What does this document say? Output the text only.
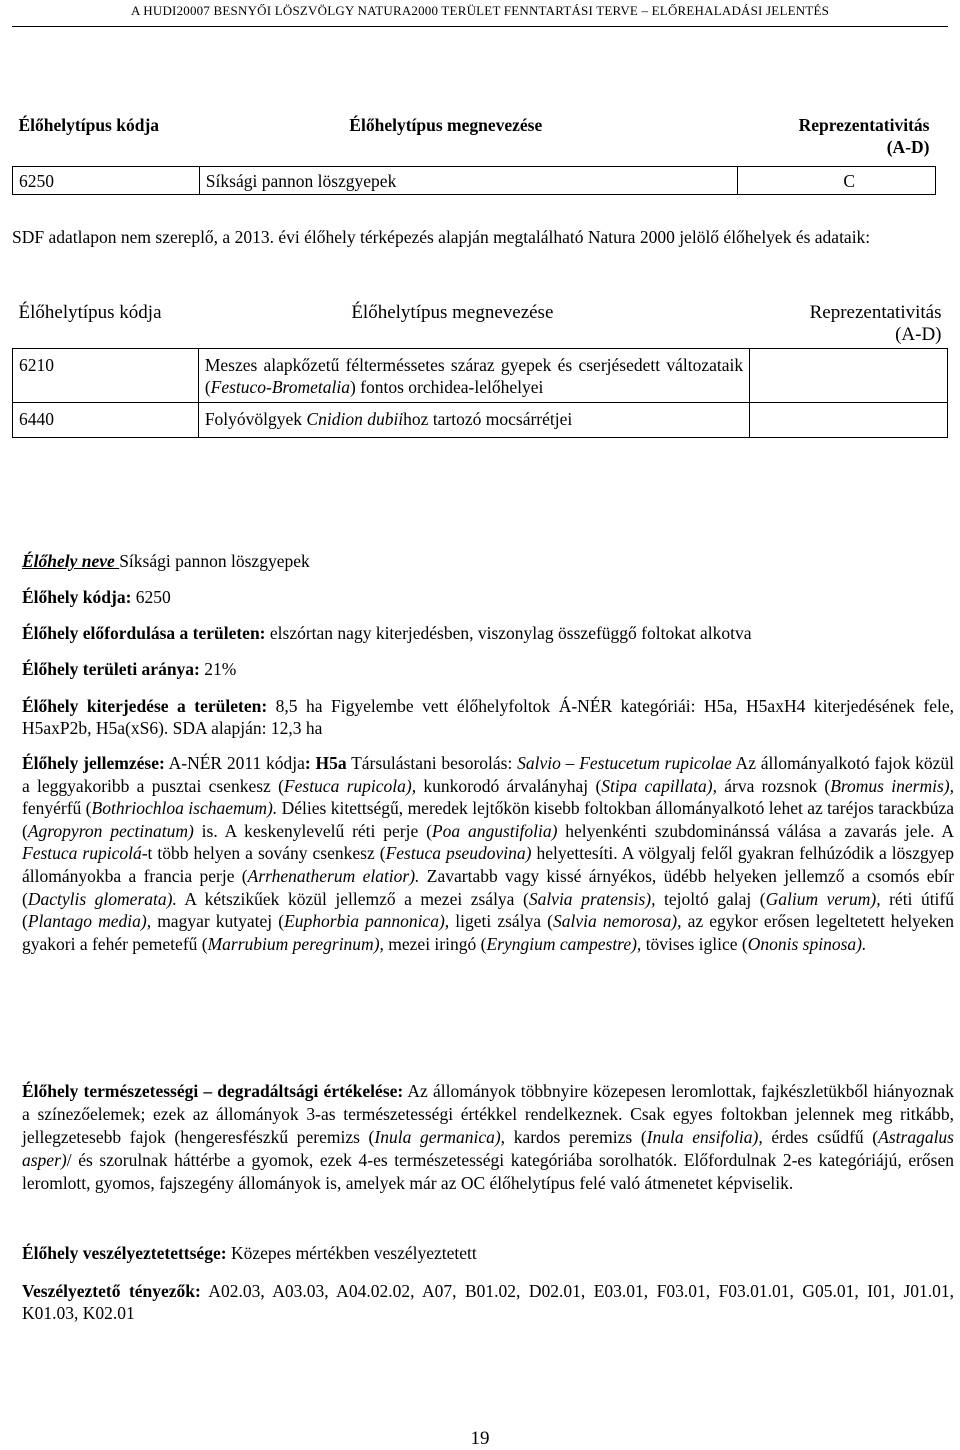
A HUDI20007 BESNYŐI LÖSZVÖLGY NATURA2000 TERÜLET FENNTARTÁSI TERVE – ELŐREHALADÁSI JELENTÉS
Élőhelytípus kódja	Élőhelytípus megnevezése	Reprezentativitás
(A-D)

6250	Síksági pannon löszgyepek	C
SDF adatlapon nem szereplő, a 2013. évi élőhely térképezés alapján megtalálható Natura 2000 jelölő élőhelyek és adataik:
Élőhelytípus kódja	Élőhelytípus megnevezése	Reprezentativitás
(A-D)

6210	Meszes alapkőzetű félterméssetes száraz gyepek és cserjésedett változataik (Festuco-Brometalia) fontos orchidea-lelőhelyei	
6440	Folyóvölgyek Cnidion dubiihoz tartozó mocsárrétjei	
Élőhely neve Síksági pannon löszgyepek
Élőhely kódja: 6250
Élőhely előfordulása a területen: elszórtan nagy kiterjedésben, viszonylag összefüggő foltokat alkotva
Élőhely területi aránya: 21%
Élőhely kiterjedése a területen: 8,5 ha Figyelembe vett élőhelyfoltok Á-NÉR kategóriái: H5a, H5axH4 kiterjedésének fele, H5axP2b, H5a(xS6). SDA alapján: 12,3 ha
Élőhely jellemzése: A-NÉR 2011 kódja: H5a Társulástani besorolás: Salvio – Festucetum rupicolae Az állományalkotó fajok közül a leggyakoribb a pusztai csenkesz (Festuca rupicola), kunkorodó árvalányhaj (Stipa capillata), árva rozsnok (Bromus inermis), fenyérfű (Bothriochloa ischaemum). Délies kitettségű, meredek lejtőkön kisebb foltokban állományalkotó lehet az taréjos tarackbúza (Agropyron pectinatum) is. A keskenylevelű réti perje (Poa angustifolia) helyenkénti szubdominánssá válása a zavarás jele. A Festuca rupicolá-t több helyen a sovány csenkesz (Festuca pseudovina) helyettesíti. A völgyalj felől gyakran felhúzódik a löszgyep állományokba a francia perje (Arrhenatherum elatior). Zavartabb vagy kissé árnyékos, üdébb helyeken jellemző a csomós ebír (Dactylis glomerata). A kétszikűek közül jellemző a mezei zsálya (Salvia pratensis), tejoltó galaj (Galium verum), réti útifű (Plantago media), magyar kutyatej (Euphorbia pannonica), ligeti zsálya (Salvia nemorosa), az egykor erősen legeltetett helyeken gyakori a fehér pemetefű (Marrubium peregrinum), mezei iringó (Eryngium campestre), tövises iglice (Ononis spinosa).
Élőhely természetességi – degradáltsági értékelése: Az állományok többnyire közepesen leromlottak, fajkészletükből hiányoznak a színezőelemek; ezek az állományok 3-as természetességi értékkel rendelkeznek. Csak egyes foltokban jelennek meg ritkább, jellegzetesebb fajok (hengeresfészkű peremizs (Inula germanica), kardos peremizs (Inula ensifolia), érdes csűdfű (Astragalus asper)/ és szorulnak háttérbe a gyomok, ezek 4-es természetességi kategóriába sorolhatók. Előfordulnak 2-es kategóriájú, erősen leromlott, gyomos, fajszegény állományok is, amelyek már az OC élőhelytípus felé való átmenetet képviselik.
Élőhely veszélyeztetettsége: Közepes mértékben veszélyeztetett
Veszélyeztető tényezők: A02.03, A03.03, A04.02.02, A07, B01.02, D02.01, E03.01, F03.01, F03.01.01, G05.01, I01, J01.01, K01.03, K02.01
19
